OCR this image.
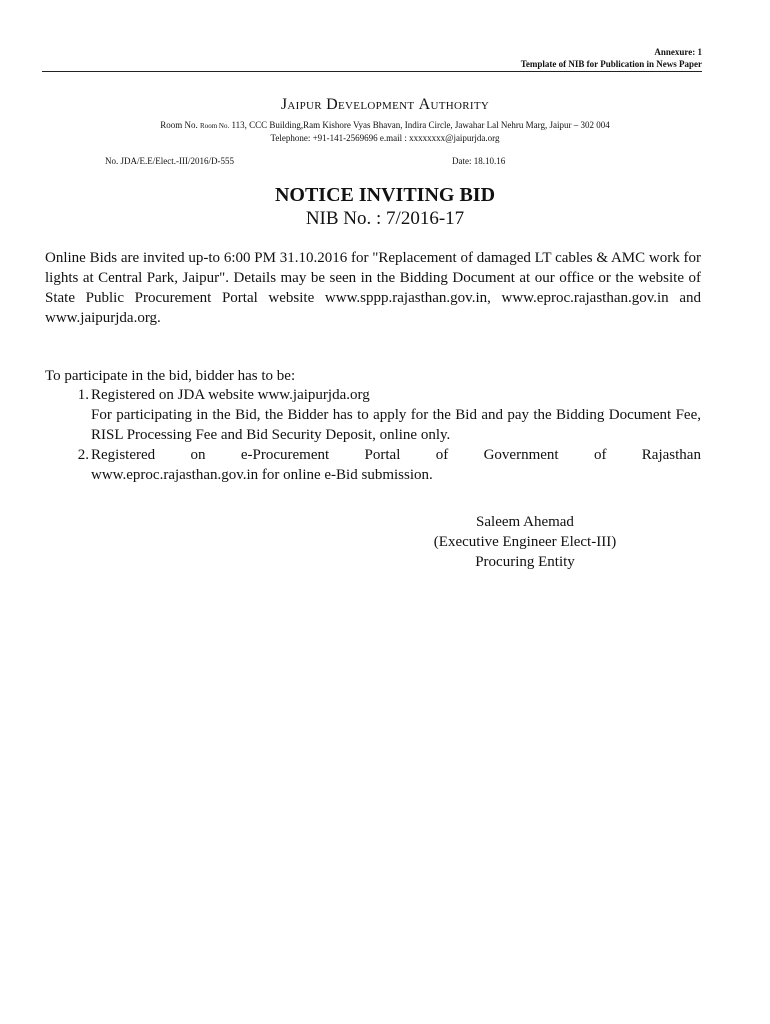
Annexure: 1
Template of NIB for Publication in News Paper
Jaipur Development Authority
Room No. Room No. 113, CCC Building,Ram Kishore Vyas Bhavan, Indira Circle, Jawahar Lal Nehru Marg, Jaipur – 302 004
Telephone: +91-141-2569696 e.mail : xxxxxxxx@jaipurjda.org
No. JDA/E.E/Elect.-III/2016/D-555	Date: 18.10.16
NOTICE INVITING BID
NIB No. : 7/2016-17
Online Bids are invited up-to 6:00 PM 31.10.2016 for "Replacement of damaged LT cables & AMC work for lights at Central Park, Jaipur". Details may be seen in the Bidding Document at our office or the website of State Public Procurement Portal website www.sppp.rajasthan.gov.in, www.eproc.rajasthan.gov.in and www.jaipurjda.org.
To participate in the bid, bidder has to be:
1. Registered on JDA website www.jaipurjda.org

For participating in the Bid, the Bidder has to apply for the Bid and pay the Bidding Document Fee, RISL Processing Fee and Bid Security Deposit, online only.

2. Registered on e-Procurement Portal of Government of Rajasthan

www.eproc.rajasthan.gov.in for online e-Bid submission.

Saleem Ahemad
(Executive Engineer Elect-III)
Procuring Entity
